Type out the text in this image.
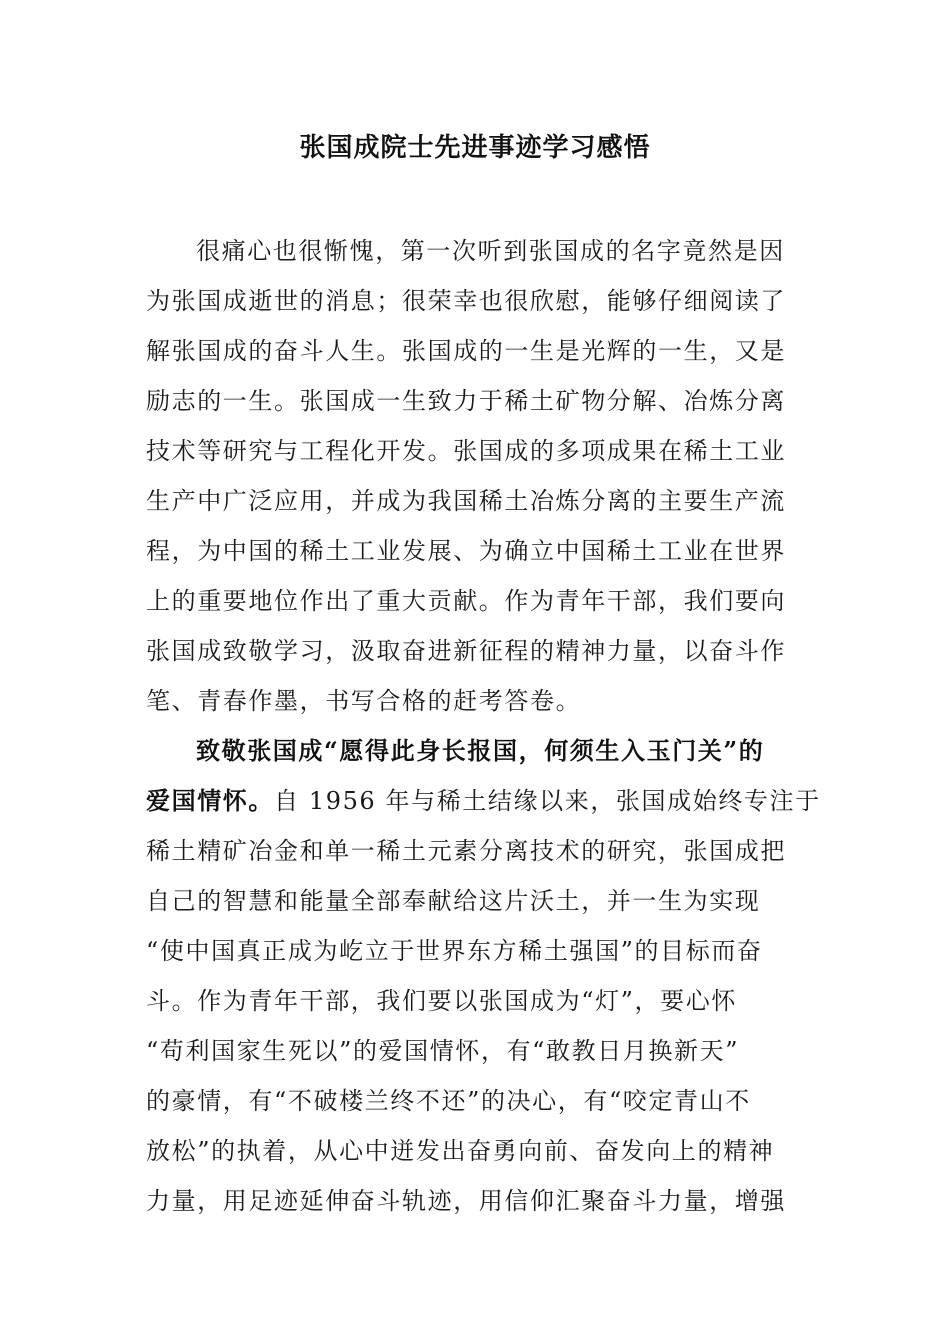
张国成院士先进事迹学习感悟
很痛心也很惭愧，第一次听到张国成的名字竟然是因
为张国成逝世的消息；很荣幸也很欣慰，能够仔细阅读了
解张国成的奋斗人生。张国成的一生是光辉的一生，又是
励志的一生。张国成一生致力于稀土矿物分解、冶炼分离
技术等研究与工程化开发。张国成的多项成果在稀土工业
生产中广泛应用，并成为我国稀土冶炼分离的主要生产流
程，为中国的稀土工业发展、为确立中国稀土工业在世界
上的重要地位作出了重大贡献。作为青年干部，我们要向
张国成致敬学习，汲取奋进新征程的精神力量，以奋斗作
笔、青春作墨，书写合格的赶考答卷。
致敬张国成“愿得此身长报国，何须生入玉门关”的
爱国情怀。自 1956 年与稀土结缘以来，张国成始终专注于
稀土精矿冶金和单一稀土元素分离技术的研究，张国成把
自己的智慧和能量全部奉献给这片沃土，并一生为实现
“使中国真正成为屹立于世界东方稀土强国”的目标而奋
斗。作为青年干部，我们要以张国成为“灯”，要心怀
“苟利国家生死以”的爱国情怀，有“敢教日月换新天”
的豪情，有“不破楼兰终不还”的决心，有“咬定青山不
放松”的执着，从心中迸发出奋勇向前、奋发向上的精神
力量，用足迹延伸奋斗轨迹，用信仰汇聚奋斗力量，增强
